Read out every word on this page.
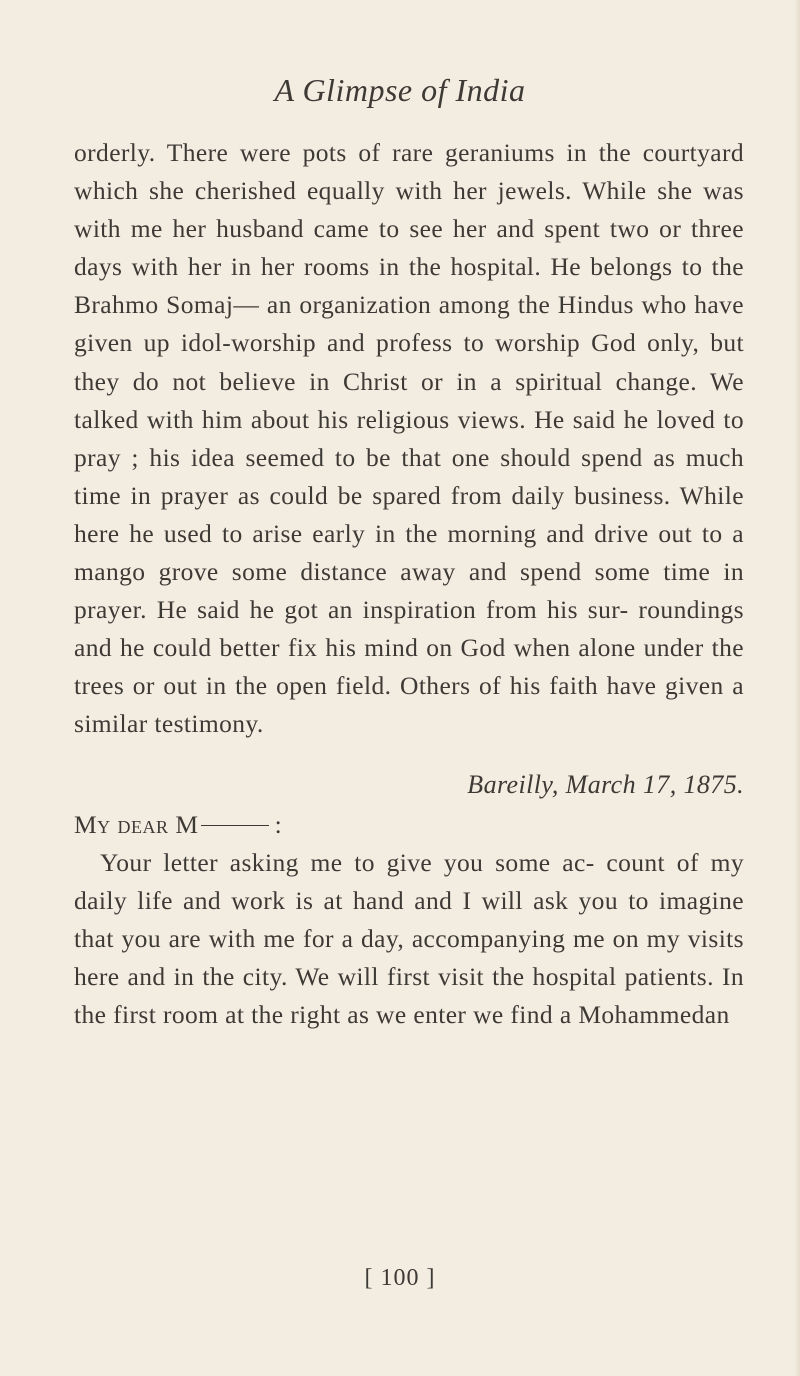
A Glimpse of India

orderly. There were pots of rare geraniums in the courtyard which she cherished equally with her jewels. While she was with me her husband came to see her and spent two or three days with her in her rooms in the hospital. He belongs to the Brahmo Somaj— an organization among the Hindus who have given up idol-worship and profess to worship God only, but they do not believe in Christ or in a spiritual change. We talked with him about his religious views. He said he loved to pray ; his idea seemed to be that one should spend as much time in prayer as could be spared from daily business. While here he used to arise early in the morning and drive out to a mango grove some distance away and spend some time in prayer. He said he got an inspiration from his sur- roundings and he could better fix his mind on God when alone under the trees or out in the open field. Others of his faith have given a similar testimony.

Bareilly, March 17, 1875.
My dear M	:

Your letter asking me to give you some ac- count of my daily life and work is at hand and I will ask you to imagine that you are with me for a day, accompanying me on my visits here and in the city. We will first visit the hospital patients. In the first room at the right as we enter we find a Mohammedan

[ 100 ]
